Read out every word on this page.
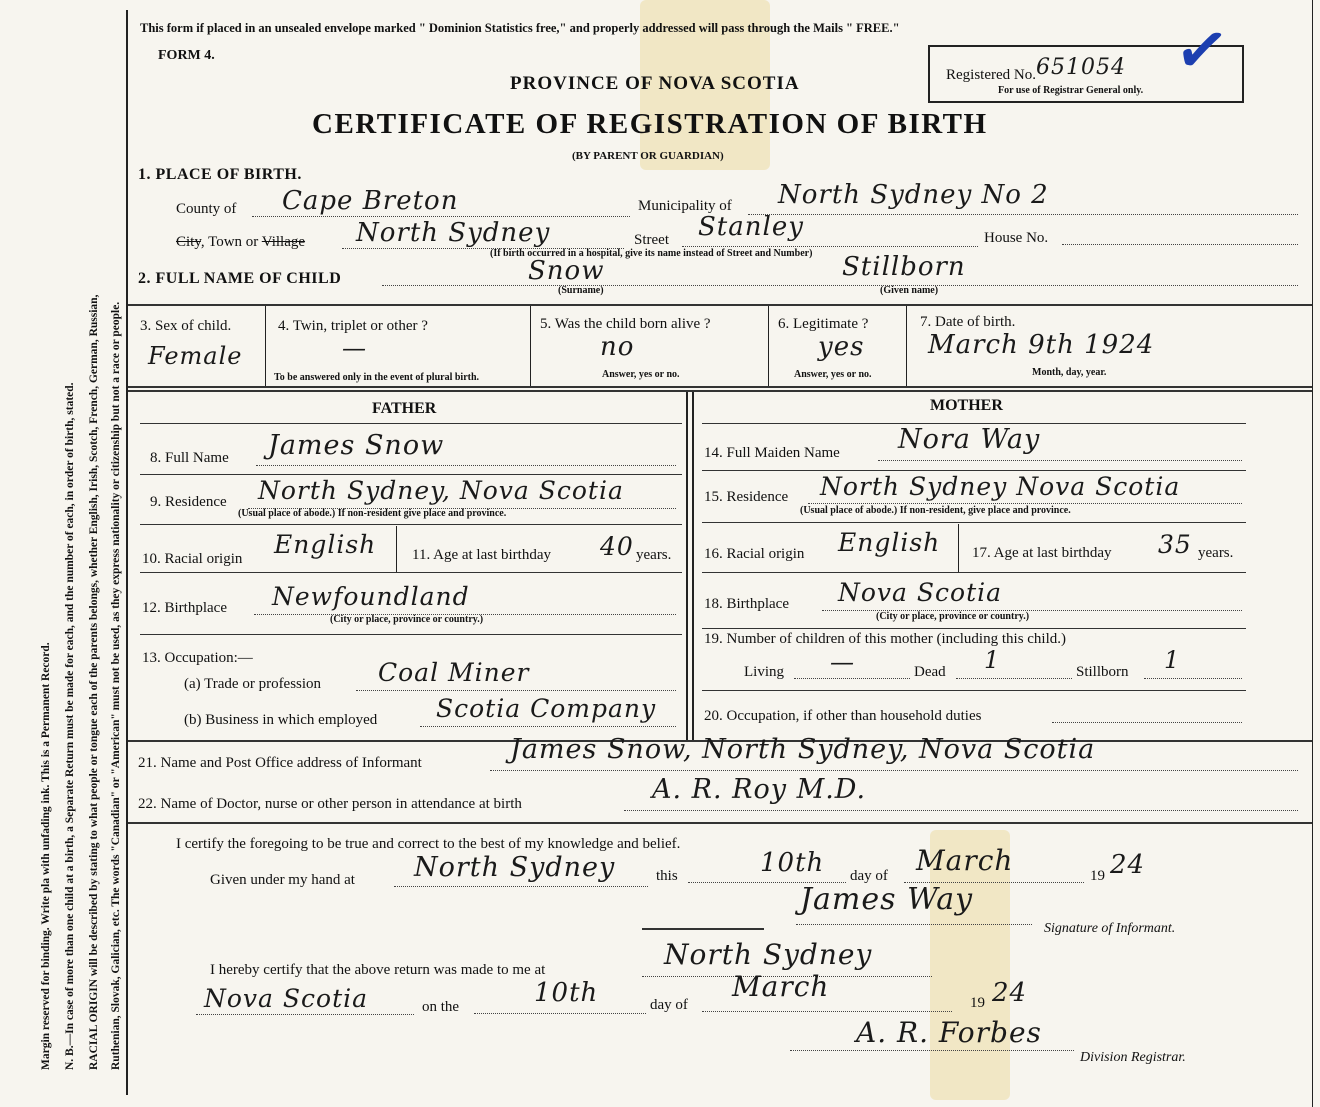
Margin reserved for binding. Write pla with unfading ink. This is a Permanent Record. N. B.—In case of more than one child at a birth, a Separate Return must be made for each, and the number of each, in order of birth, stated. RACIAL ORIGIN will be described by stating to what people or tongue each of the parents belongs, whether English, Irish, Scotch, French, German, Russian, Ruthenian, Slovak, Galician, etc. The words "Canadian" or "American" must not be used, as they express nationality or citizenship but not a race or people.
This form if placed in an unsealed envelope marked " Dominion Statistics free," and properly addressed will pass through the Mails " FREE."
FORM 4.
PROVINCE OF NOVA SCOTIA
CERTIFICATE OF REGISTRATION OF BIRTH
(BY PARENT OR GUARDIAN)
Registered No. 651054
For use of Registrar General only.
✓
1. PLACE OF BIRTH.
County of Cape Breton	Municipality of North Sydney No 2
City, Town or Village North Sydney	Street Stanley	House No.
(If birth occurred in a hospital, give its name instead of Street and Number)
2. FULL NAME OF CHILD	Snow
(Surname)
Stillborn
(Given name)
3. Sex of child.
Female
4. Twin, triplet or other ?
—
To be answered only in the event of plural birth.
5. Was the child born alive ?
no
Answer, yes or no.
6. Legitimate ?
yes
Answer, yes or no.
7. Date of birth.
March 9th 1924
Month, day, year.
FATHER	MOTHER
8. Full Name James Snow
9. Residence North Sydney, Nova Scotia
(Usual place of abode.) If non-resident give place and province.
10. Racial origin English 11. Age at last birthday 40 years.
12. Birthplace Newfoundland
(City or place, province or country.)
13. Occupation:—
(a) Trade or profession Coal Miner
(b) Business in which employed Scotia Company
14. Full Maiden Name Nora Way
15. Residence North Sydney Nova Scotia
(Usual place of abode.) If non-resident, give place and province.
16. Racial origin English 17. Age at last birthday 35 years.
18. Birthplace Nova Scotia
(City or place, province or country.)
19. Number of children of this mother (including this child.)
Living —	Dead 1	Stillborn 1
20. Occupation, if other than household duties
21. Name and Post Office address of Informant	James Snow, North Sydney, Nova Scotia
22. Name of Doctor, nurse or other person in attendance at birth	A. R. Roy M.D.
I certify the foregoing to be true and correct to the best of my knowledge and belief.
Given under my hand at North Sydney	this	10th day of March	19 24
James Way
Signature of Informant.
I hereby certify that the above return was made to me at	North Sydney
Nova Scotia	on the	10th	day of
March	19 24
A. R. Forbes
Division Registrar.
